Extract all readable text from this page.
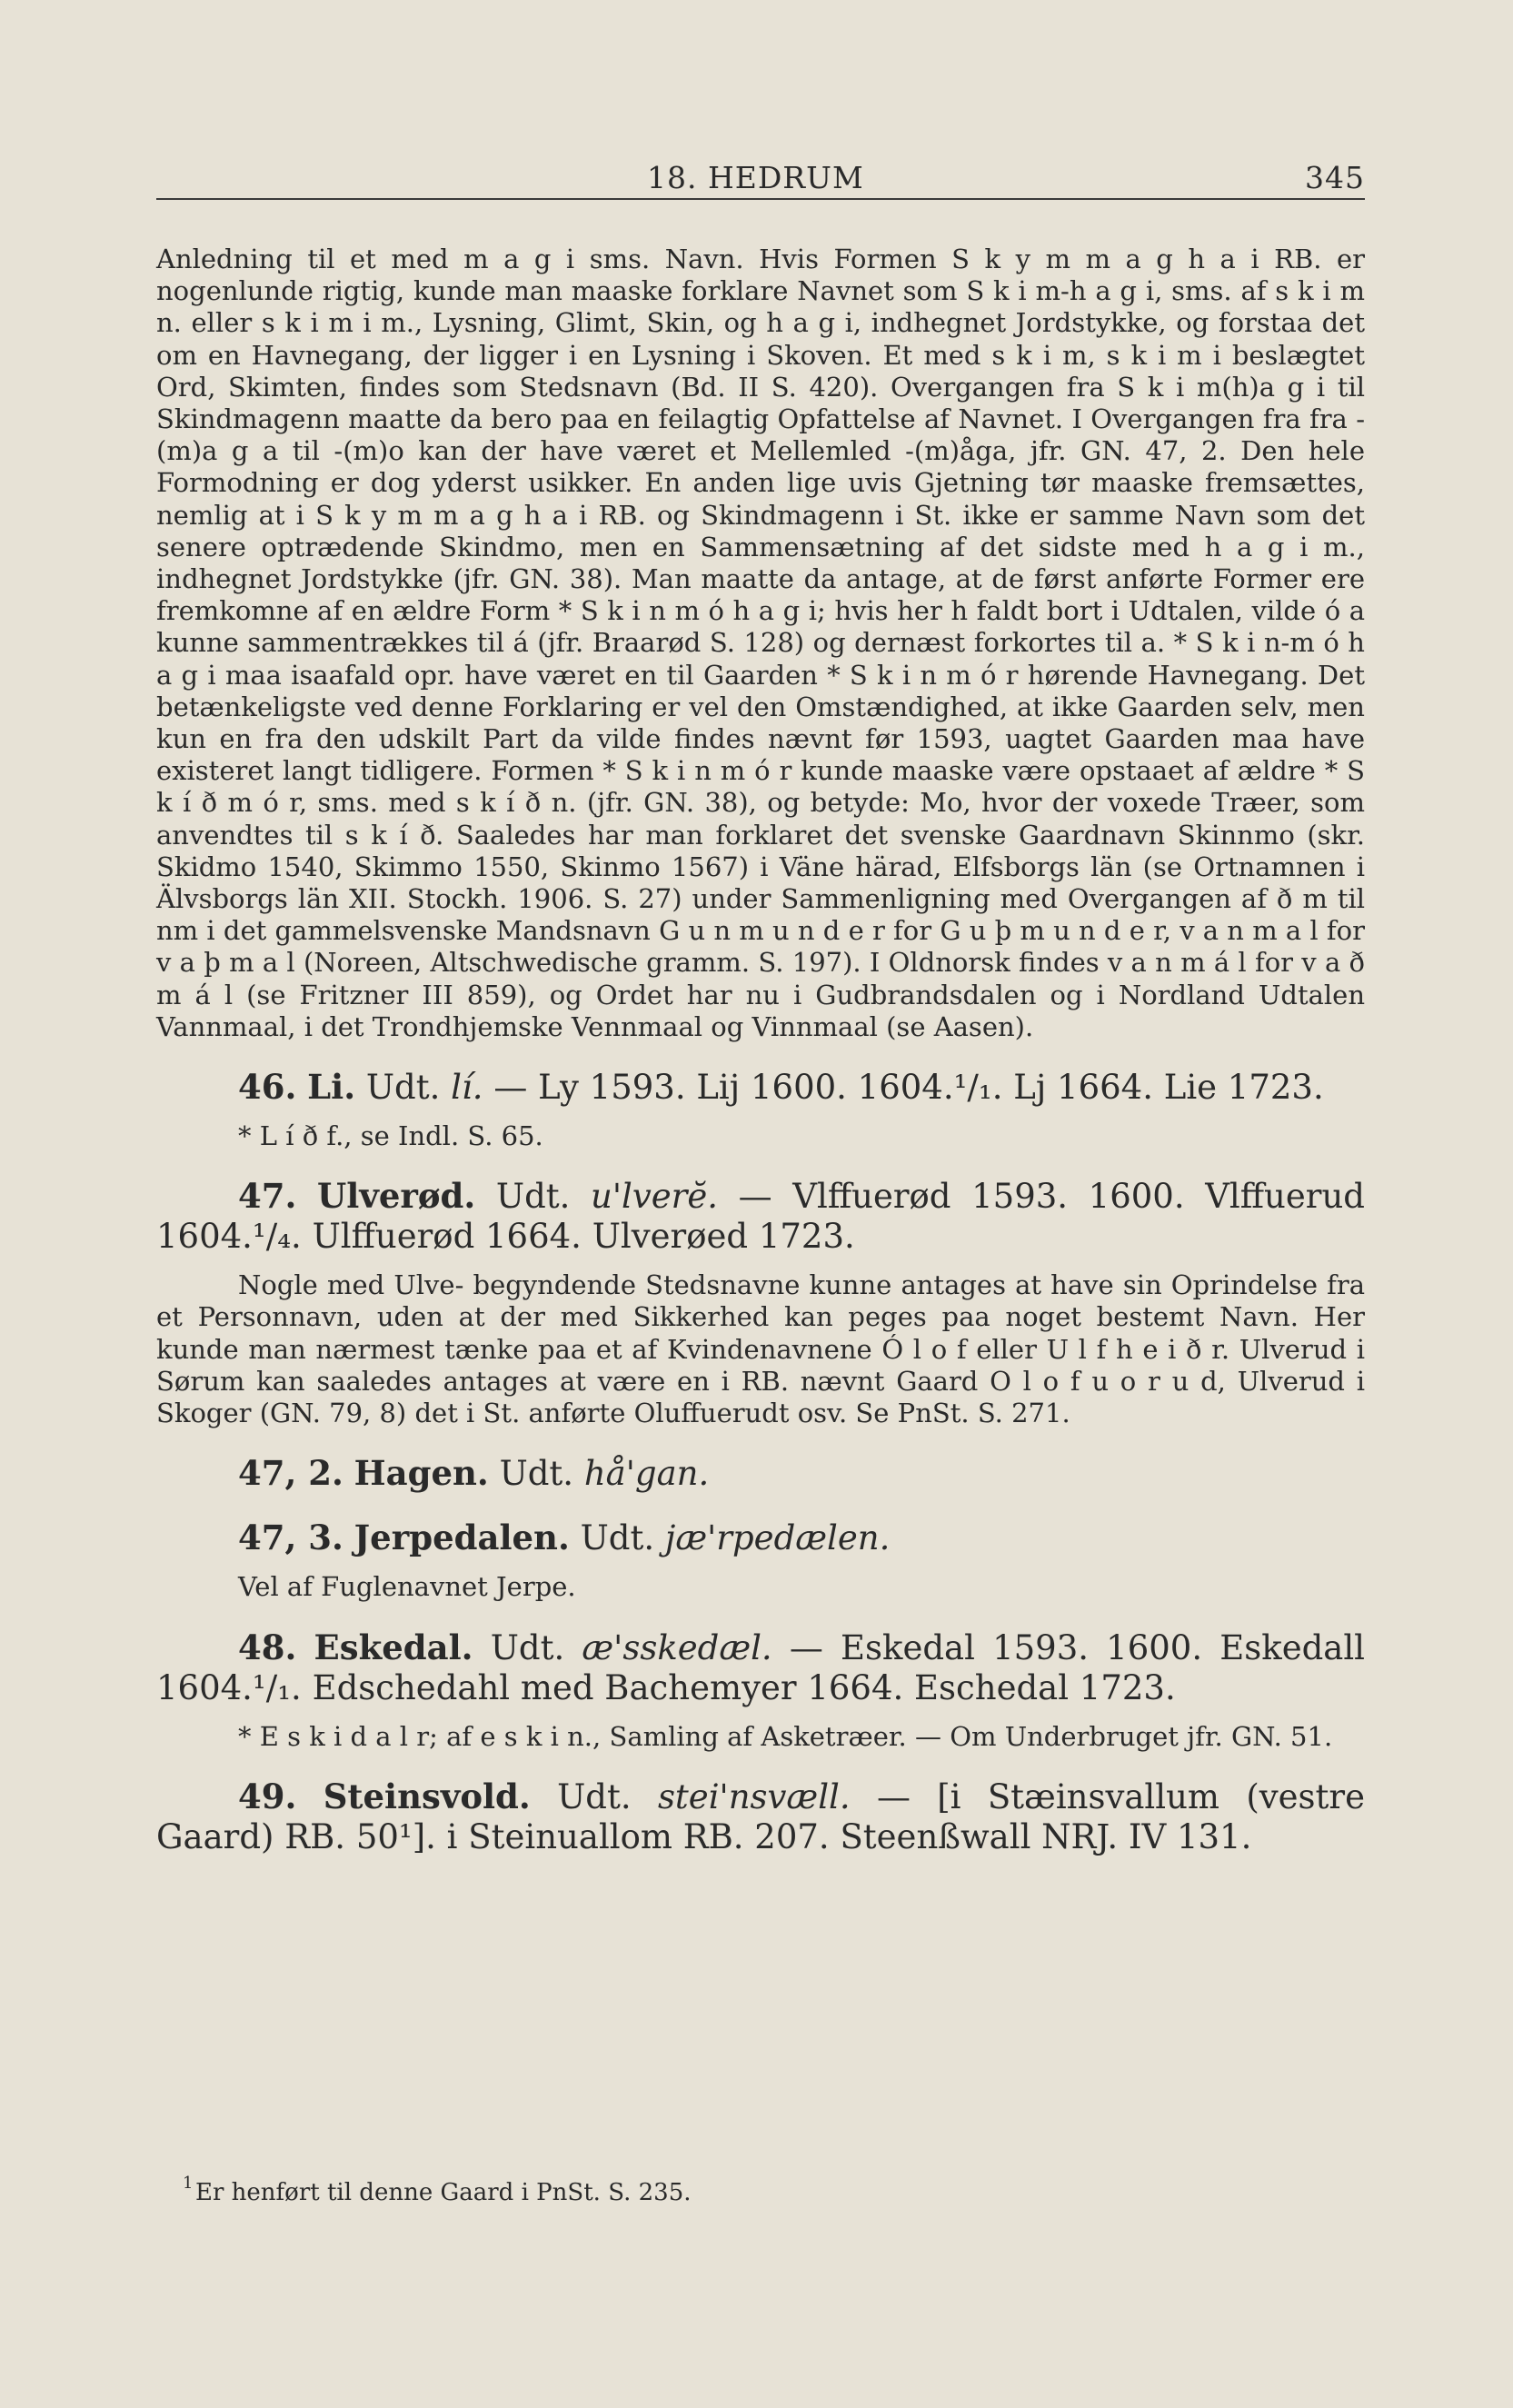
18. HEDRUM	345

Anledning til et med m a g i sms. Navn. Hvis Formen S k y m m a g h a i RB. er nogenlunde rigtig, kunde man maaske forklare Navnet som S k i m-h a g i, sms. af s k i m n. eller s k i m i m., Lysning, Glimt, Skin, og h a g i, indhegnet Jordstykke, og forstaa det om en Havnegang, der ligger i en Lysning i Skoven. Et med s k i m, s k i m i beslægtet Ord, Skimten, findes som Stedsnavn (Bd. II S. 420). Overgangen fra S k i m(h)a g i til Skindmagenn maatte da bero paa en feilagtig Opfattelse af Navnet. I Overgangen fra fra -(m)a g a til -(m)o kan der have været et Mellemled -(m)åga, jfr. GN. 47, 2. Den hele Formodning er dog yderst usikker. En anden lige uvis Gjetning tør maaske fremsættes, nemlig at i S k y m m a g h a i RB. og Skindmagenn i St. ikke er samme Navn som det senere optrædende Skindmo, men en Sammensætning af det sidste med h a g i m., indhegnet Jordstykke (jfr. GN. 38). Man maatte da antage, at de først anførte Former ere fremkomne af en ældre Form * S k i n m ó h a g i; hvis her h faldt bort i Udtalen, vilde ó a kunne sammentrækkes til á (jfr. Braarød S. 128) og dernæst forkortes til a. * S k i n-m ó h a g i maa isaafald opr. have været en til Gaarden * S k i n m ó r hørende Havnegang. Det betænkeligste ved denne Forklaring er vel den Omstændighed, at ikke Gaarden selv, men kun en fra den udskilt Part da vilde findes nævnt før 1593, uagtet Gaarden maa have existeret langt tidligere. Formen * S k i n m ó r kunde maaske være opstaaet af ældre * S k í ð m ó r, sms. med s k í ð n. (jfr. GN. 38), og betyde: Mo, hvor der voxede Træer, som anvendtes til s k í ð. Saaledes har man forklaret det svenske Gaardnavn Skinnmo (skr. Skidmo 1540, Skimmo 1550, Skinmo 1567) i Väne härad, Elfsborgs län (se Ortnamnen i Älvsborgs län XII. Stockh. 1906. S. 27) under Sammenligning med Overgangen af ð m til nm i det gammelsvenske Mandsnavn G u n m u n d e r for G u þ m u n d e r, v a n m a l for v a þ m a l (Noreen, Altschwedische gramm. S. 197). I Oldnorsk findes v a n m á l for v a ð m á l (se Fritzner III 859), og Ordet har nu i Gudbrandsdalen og i Nordland Udtalen Vannmaal, i det Trondhjemske Vennmaal og Vinnmaal (se Aasen).

46. Li. Udt. lí. — Ly 1593. Lij 1600. 1604.¹/₁. Lj 1664. Lie 1723.

* L í ð f., se Indl. S. 65.

47. Ulverød. Udt. u'lverĕ. — Vlffuerød 1593. 1600. Vlffuerud 1604.¹/₄. Ulffuerød 1664. Ulverøed 1723.

Nogle med Ulve- begyndende Stedsnavne kunne antages at have sin Oprindelse fra et Personnavn, uden at der med Sikkerhed kan peges paa noget bestemt Navn. Her kunde man nærmest tænke paa et af Kvindenavnene Ó l o f eller U l f h e i ð r. Ulverud i Sørum kan saaledes antages at være en i RB. nævnt Gaard O l o f u o r u d, Ulverud i Skoger (GN. 79, 8) det i St. anførte Oluffuerudt osv. Se PnSt. S. 271.

47, 2. Hagen. Udt. hå'gan.

47, 3. Jerpedalen. Udt. jæ'rpedælen.

Vel af Fuglenavnet Jerpe.

48. Eskedal. Udt. æ'sskedæl. — Eskedal 1593. 1600. Eskedall 1604.¹/₁. Edschedahl med Bachemyer 1664. Eschedal 1723.

* E s k i d a l r; af e s k i n., Samling af Asketræer. — Om Underbruget jfr. GN. 51.

49. Steinsvold. Udt. stei'nsvæll. — [i Stæinsvallum (vestre Gaard) RB. 50¹]. i Steinuallom RB. 207. Steenßwall NRJ. IV 131.

1 Er henført til denne Gaard i PnSt. S. 235.
